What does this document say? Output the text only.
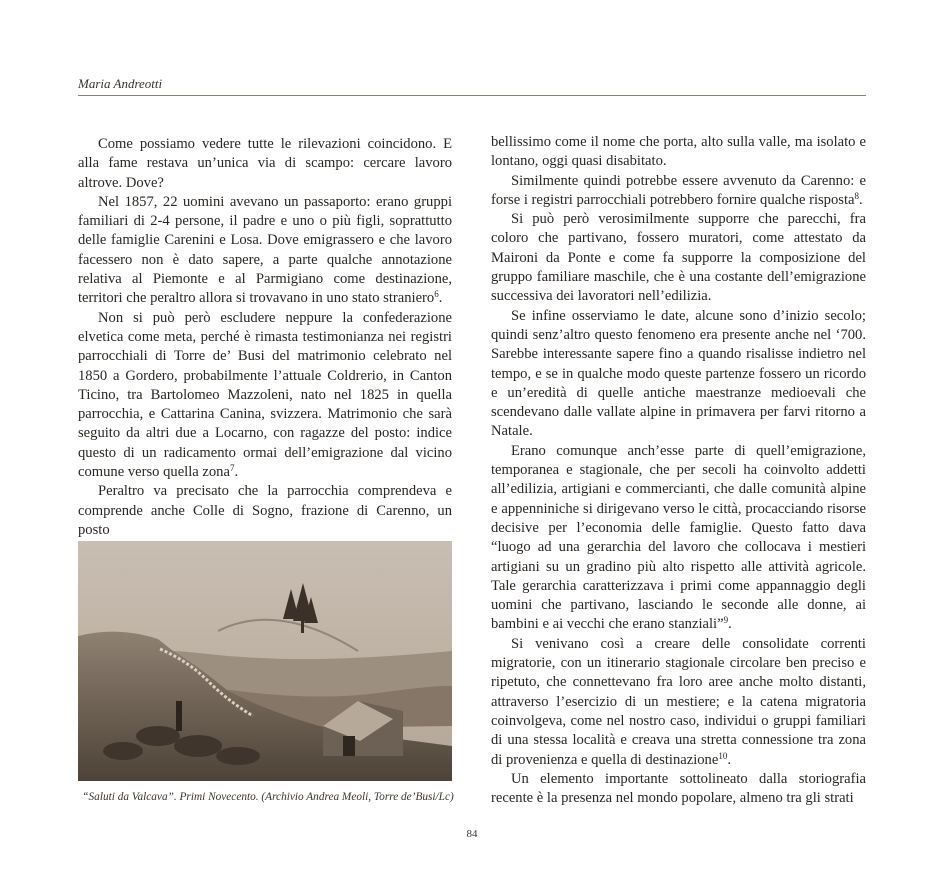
Maria Andreotti

Come possiamo vedere tutte le rilevazioni coincidono. E alla fame restava un’unica via di scampo: cercare lavoro altrove. Dove?

Nel 1857, 22 uomini avevano un passaporto: erano gruppi familiari di 2-4 persone, il padre e uno o più figli, soprattutto delle famiglie Carenini e Losa. Dove emigrassero e che lavoro facessero non è dato sapere, a parte qualche annotazione relativa al Piemonte e al Parmigiano come destinazione, territori che peraltro allora si trovavano in uno stato straniero$^6$.

Non si può però escludere neppure la confederazione elvetica come meta, perché è rimasta testimonianza nei registri parrocchiali di Torre de’ Busi del matrimonio celebrato nel 1850 a Gordero, probabilmente l’attuale Coldrerio, in Canton Ticino, tra Bartolomeo Mazzoleni, nato nel 1825 in quella parrocchia, e Cattarina Canina, svizzera. Matrimonio che sarà seguito da altri due a Locarno, con ragazze del posto: indice questo di un radicamento ormai dell’emigrazione dal vicino comune verso quella zona$^7$.

Peraltro va precisato che la parrocchia comprendeva e comprende anche Colle di Sogno, frazione di Carenno, un posto

“Saluti da Valcava”. Primi Novecento. (Archivio Andrea Meoli, Torre de’Busi/Lc)

bellissimo come il nome che porta, alto sulla valle, ma isolato e lontano, oggi quasi disabitato.

Similmente quindi potrebbe essere avvenuto da Carenno: e forse i registri parrocchiali potrebbero fornire qualche risposta$^8$.

Si può però verosimilmente supporre che parecchi, fra coloro che partivano, fossero muratori, come attestato da Maironi da Ponte e come fa supporre la composizione del gruppo familiare maschile, che è una costante dell’emigrazione successiva dei lavoratori nell’edilizia.

Se infine osserviamo le date, alcune sono d’inizio secolo; quindi senz’altro questo fenomeno era presente anche nel ‘700. Sarebbe interessante sapere fino a quando risalisse indietro nel tempo, e se in qualche modo queste partenze fossero un ricordo e un’eredità di quelle antiche maestranze medioevali che scendevano dalle vallate alpine in primavera per farvi ritorno a Natale.

Erano comunque anch’esse parte di quell’emigrazione, temporanea e stagionale, che per secoli ha coinvolto addetti all’edilizia, artigiani e commercianti, che dalle comunità alpine e appenniniche si dirigevano verso le città, procacciando risorse decisive per l’economia delle famiglie. Questo fatto dava “luogo ad una gerarchia del lavoro che collocava i mestieri artigiani su un gradino più alto rispetto alle attività agricole. Tale gerarchia caratterizzava i primi come appannaggio degli uomini che partivano, lasciando le seconde alle donne, ai bambini e ai vecchi che erano stanziali”$^9$.

Si venivano così a creare delle consolidate correnti migratorie, con un itinerario stagionale circolare ben preciso e ripetuto, che connettevano fra loro aree anche molto distanti, attraverso l’esercizio di un mestiere; e la catena migratoria coinvolgeva, come nel nostro caso, individui o gruppi familiari di una stessa località e creava una stretta connessione tra zona di provenienza e quella di destinazione$^{10}$.

Un elemento importante sottolineato dalla storiografia recente è la presenza nel mondo popolare, almeno tra gli strati

84
